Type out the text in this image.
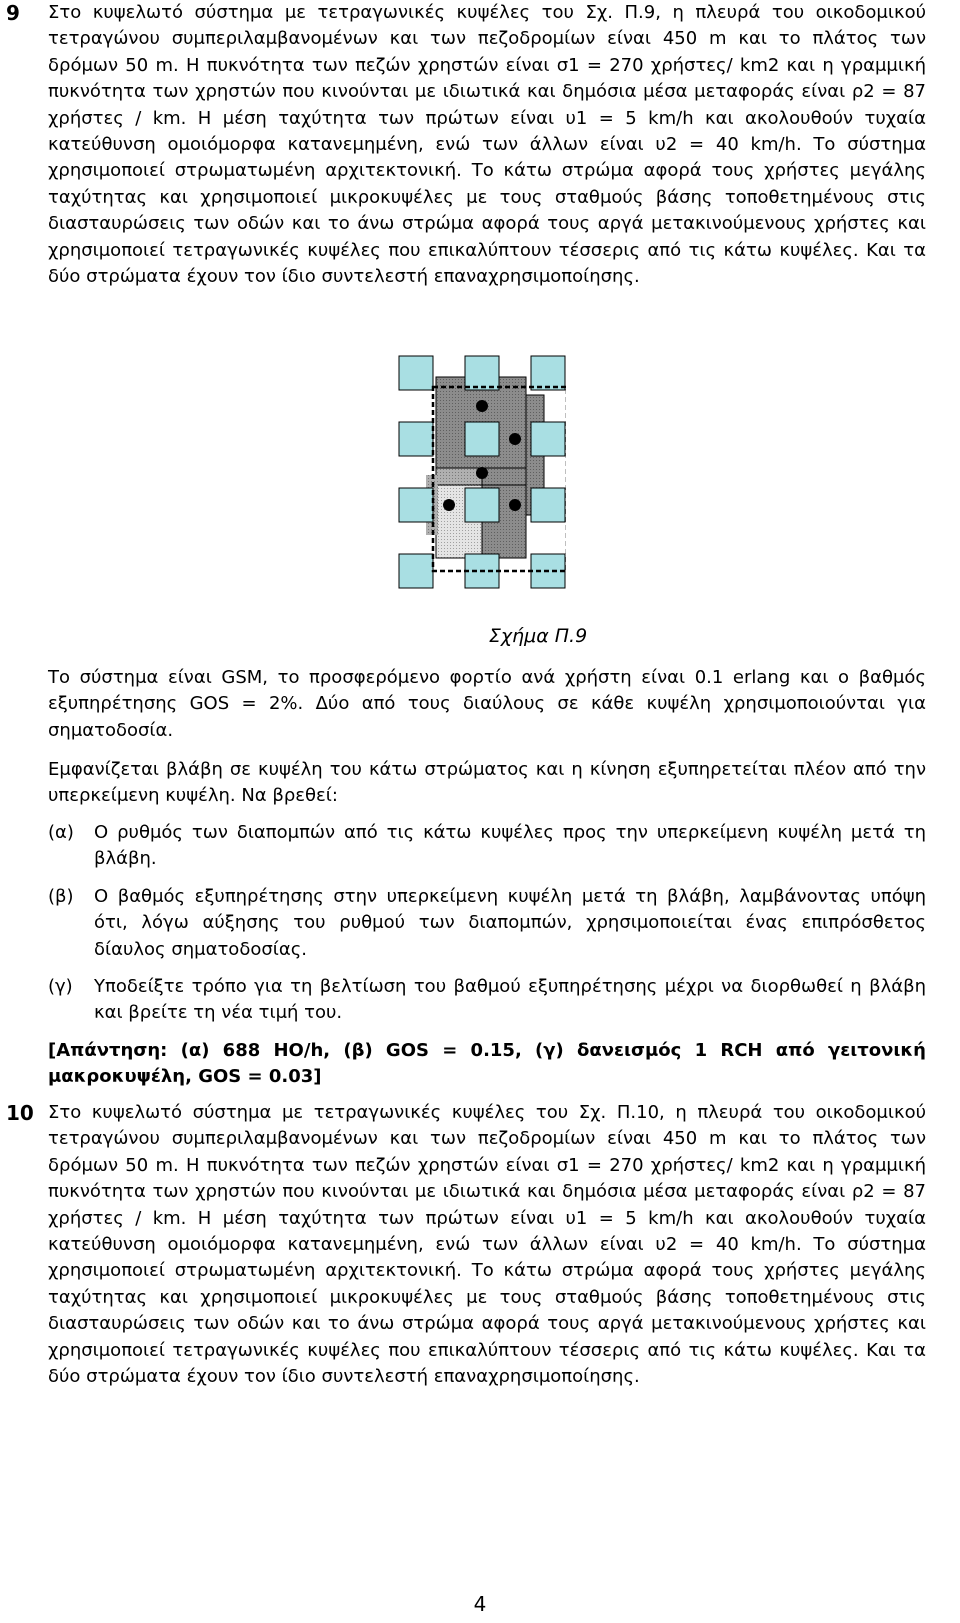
9 Στο κυψελωτό σύστημα με τετραγωνικές κυψέλες του Σχ. Π.9, η πλευρά του οικοδομικού τετραγώνου συμπεριλαμβανομένων και των πεζοδρομίων είναι 450 m και το πλάτος των δρόμων 50 m. Η πυκνότητα των πεζών χρηστών είναι σ1 = 270 χρήστες/ km2 και η γραμμική πυκνότητα των χρηστών που κινούνται με ιδιωτικά και δημόσια μέσα μεταφοράς είναι ρ2 = 87 χρήστες / km. Η μέση ταχύτητα των πρώτων είναι υ1 = 5 km/h και ακολουθούν τυχαία κατεύθυνση ομοιόμορφα κατανεμημένη, ενώ των άλλων είναι υ2 = 40 km/h. Το σύστημα χρησιμοποιεί στρωματωμένη αρχιτεκτονική. Το κάτω στρώμα αφορά τους χρήστες μεγάλης ταχύτητας και χρησιμοποιεί μικροκυψέλες με τους σταθμούς βάσης τοποθετημένους στις διασταυρώσεις των οδών και το άνω στρώμα αφορά τους αργά μετακινούμενους χρήστες και χρησιμοποιεί τετραγωνικές κυψέλες που επικαλύπτουν τέσσερις από τις κάτω κυψέλες. Και τα δύο στρώματα έχουν τον ίδιο συντελεστή επαναχρησιμοποίησης.

Σχήμα Π.9

Το σύστημα είναι GSM, το προσφερόμενο φορτίο ανά χρήστη είναι 0.1 erlang και ο βαθμός εξυπηρέτησης GOS = 2%. Δύο από τους διαύλους σε κάθε κυψέλη χρησιμοποιούνται για σηματοδοσία.

Εμφανίζεται βλάβη σε κυψέλη του κάτω στρώματος και η κίνηση εξυπηρετείται πλέον από την υπερκείμενη κυψέλη. Να βρεθεί:

(α) Ο ρυθμός των διαπομπών από τις κάτω κυψέλες προς την υπερκείμενη κυψέλη μετά τη βλάβη.
(β) Ο βαθμός εξυπηρέτησης στην υπερκείμενη κυψέλη μετά τη βλάβη, λαμβάνοντας υπόψη ότι, λόγω αύξησης του ρυθμού των διαπομπών, χρησιμοποιείται ένας επιπρόσθετος δίαυλος σηματοδοσίας.
(γ) Υποδείξτε τρόπο για τη βελτίωση του βαθμού εξυπηρέτησης μέχρι να διορθωθεί η βλάβη και βρείτε τη νέα τιμή του.

[Απάντηση: (α) 688 HO/h, (β) GOS = 0.15, (γ) δανεισμός 1 RCH από γειτονική μακροκυψέλη, GOS = 0.03]

10 Στο κυψελωτό σύστημα με τετραγωνικές κυψέλες του Σχ. Π.10, η πλευρά του οικοδομικού τετραγώνου συμπεριλαμβανομένων και των πεζοδρομίων είναι 450 m και το πλάτος των δρόμων 50 m. Η πυκνότητα των πεζών χρηστών είναι σ1 = 270 χρήστες/ km2 και η γραμμική πυκνότητα των χρηστών που κινούνται με ιδιωτικά και δημόσια μέσα μεταφοράς είναι ρ2 = 87 χρήστες / km. Η μέση ταχύτητα των πρώτων είναι υ1 = 5 km/h και ακολουθούν τυχαία κατεύθυνση ομοιόμορφα κατανεμημένη, ενώ των άλλων είναι υ2 = 40 km/h. Το σύστημα χρησιμοποιεί στρωματωμένη αρχιτεκτονική. Το κάτω στρώμα αφορά τους χρήστες μεγάλης ταχύτητας και χρησιμοποιεί μικροκυψέλες με τους σταθμούς βάσης τοποθετημένους στις διασταυρώσεις των οδών και το άνω στρώμα αφορά τους αργά μετακινούμενους χρήστες και χρησιμοποιεί τετραγωνικές κυψέλες που επικαλύπτουν τέσσερις από τις κάτω κυψέλες. Και τα δύο στρώματα έχουν τον ίδιο συντελεστή επαναχρησιμοποίησης.

4
